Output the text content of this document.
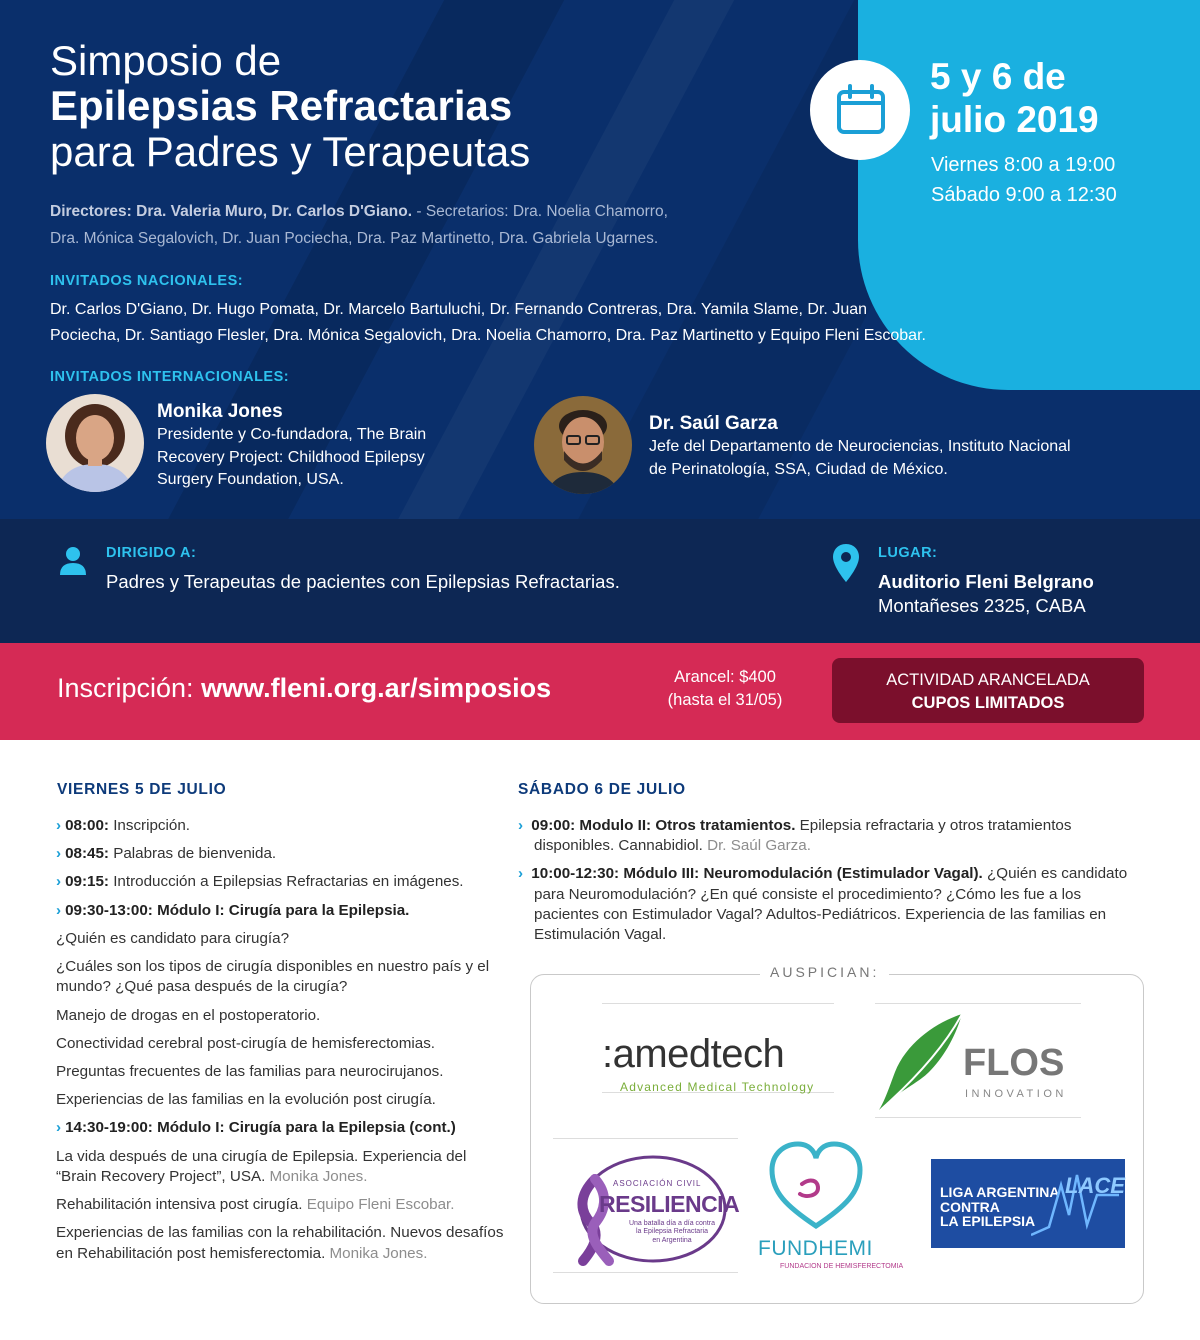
Simposio de
Epilepsias Refractarias
para Padres y Terapeutas
5 y 6 de
julio 2019
Viernes 8:00 a 19:00
Sábado 9:00 a 12:30
Directores: Dra. Valeria Muro, Dr. Carlos D'Giano. - Secretarios: Dra. Noelia Chamorro,
Dra. Mónica Segalovich, Dr. Juan Pociecha, Dra. Paz Martinetto, Dra. Gabriela Ugarnes.
INVITADOS NACIONALES:
Dr. Carlos D'Giano, Dr. Hugo Pomata, Dr. Marcelo Bartuluchi, Dr. Fernando Contreras, Dra. Yamila Slame, Dr. Juan
Pociecha, Dr. Santiago Flesler, Dra. Mónica Segalovich, Dra. Noelia Chamorro, Dra. Paz Martinetto y Equipo Fleni Escobar.
INVITADOS INTERNACIONALES:
Monika Jones
Presidente y Co-fundadora, The Brain
Recovery Project: Childhood Epilepsy
Surgery Foundation, USA.
Dr. Saúl Garza
Jefe del Departamento de Neurociencias, Instituto Nacional
de Perinatología, SSA, Ciudad de México.
DIRIGIDO A:
Padres y Terapeutas de pacientes con Epilepsias Refractarias.
LUGAR:
Auditorio Fleni Belgrano
Montañeses 2325, CABA
Inscripción: www.fleni.org.ar/simposios	Arancel: $400
(hasta el 31/05)
ACTIVIDAD ARANCELADA
CUPOS LIMITADOS
VIERNES 5 DE JULIO
› 08:00: Inscripción.
› 08:45: Palabras de bienvenida.
› 09:15: Introducción a Epilepsias Refractarias en imágenes.
› 09:30-13:00: Módulo I: Cirugía para la Epilepsia.
¿Quién es candidato para cirugía?
¿Cuáles son los tipos de cirugía disponibles en nuestro país y el mundo? ¿Qué pasa después de la cirugía?
Manejo de drogas en el postoperatorio.
Conectividad cerebral post-cirugía de hemisferectomias.
Preguntas frecuentes de las familias para neurocirujanos.
Experiencias de las familias en la evolución post cirugía.
› 14:30-19:00: Módulo I: Cirugía para la Epilepsia (cont.)
La vida después de una cirugía de Epilepsia. Experiencia del “Brain Recovery Project”, USA. Monika Jones.
Rehabilitación intensiva post cirugía. Equipo Fleni Escobar.
Experiencias de las familias con la rehabilitación. Nuevos desafíos en Rehabilitación post hemisferectomia. Monika Jones.
SÁBADO 6 DE JULIO
› 09:00: Modulo II: Otros tratamientos. Epilepsia refractaria y otros tratamientos disponibles. Cannabidiol. Dr. Saúl Garza.
› 10:00-12:30: Módulo III: Neuromodulación (Estimulador Vagal). ¿Quién es candidato para Neuromodulación? ¿En qué consiste el procedimiento? ¿Cómo les fue a los pacientes con Estimulador Vagal? Adultos-Pediátricos. Experiencia de las familias en Estimulación Vagal.
AUSPICIAN:
:amedtech
Advanced Medical Technology
FLOS
INNOVATION
ASOCIACIÓN CIVIL
RESILIENCIA
Una batalla día a día contra
la Epilepsia Refractaria
en Argentina	FUNDHEMI
FUNDACION DE HEMISFERECTOMIA
LIGA ARGENTINA
CONTRA
LA EPILEPSIA
LACE
